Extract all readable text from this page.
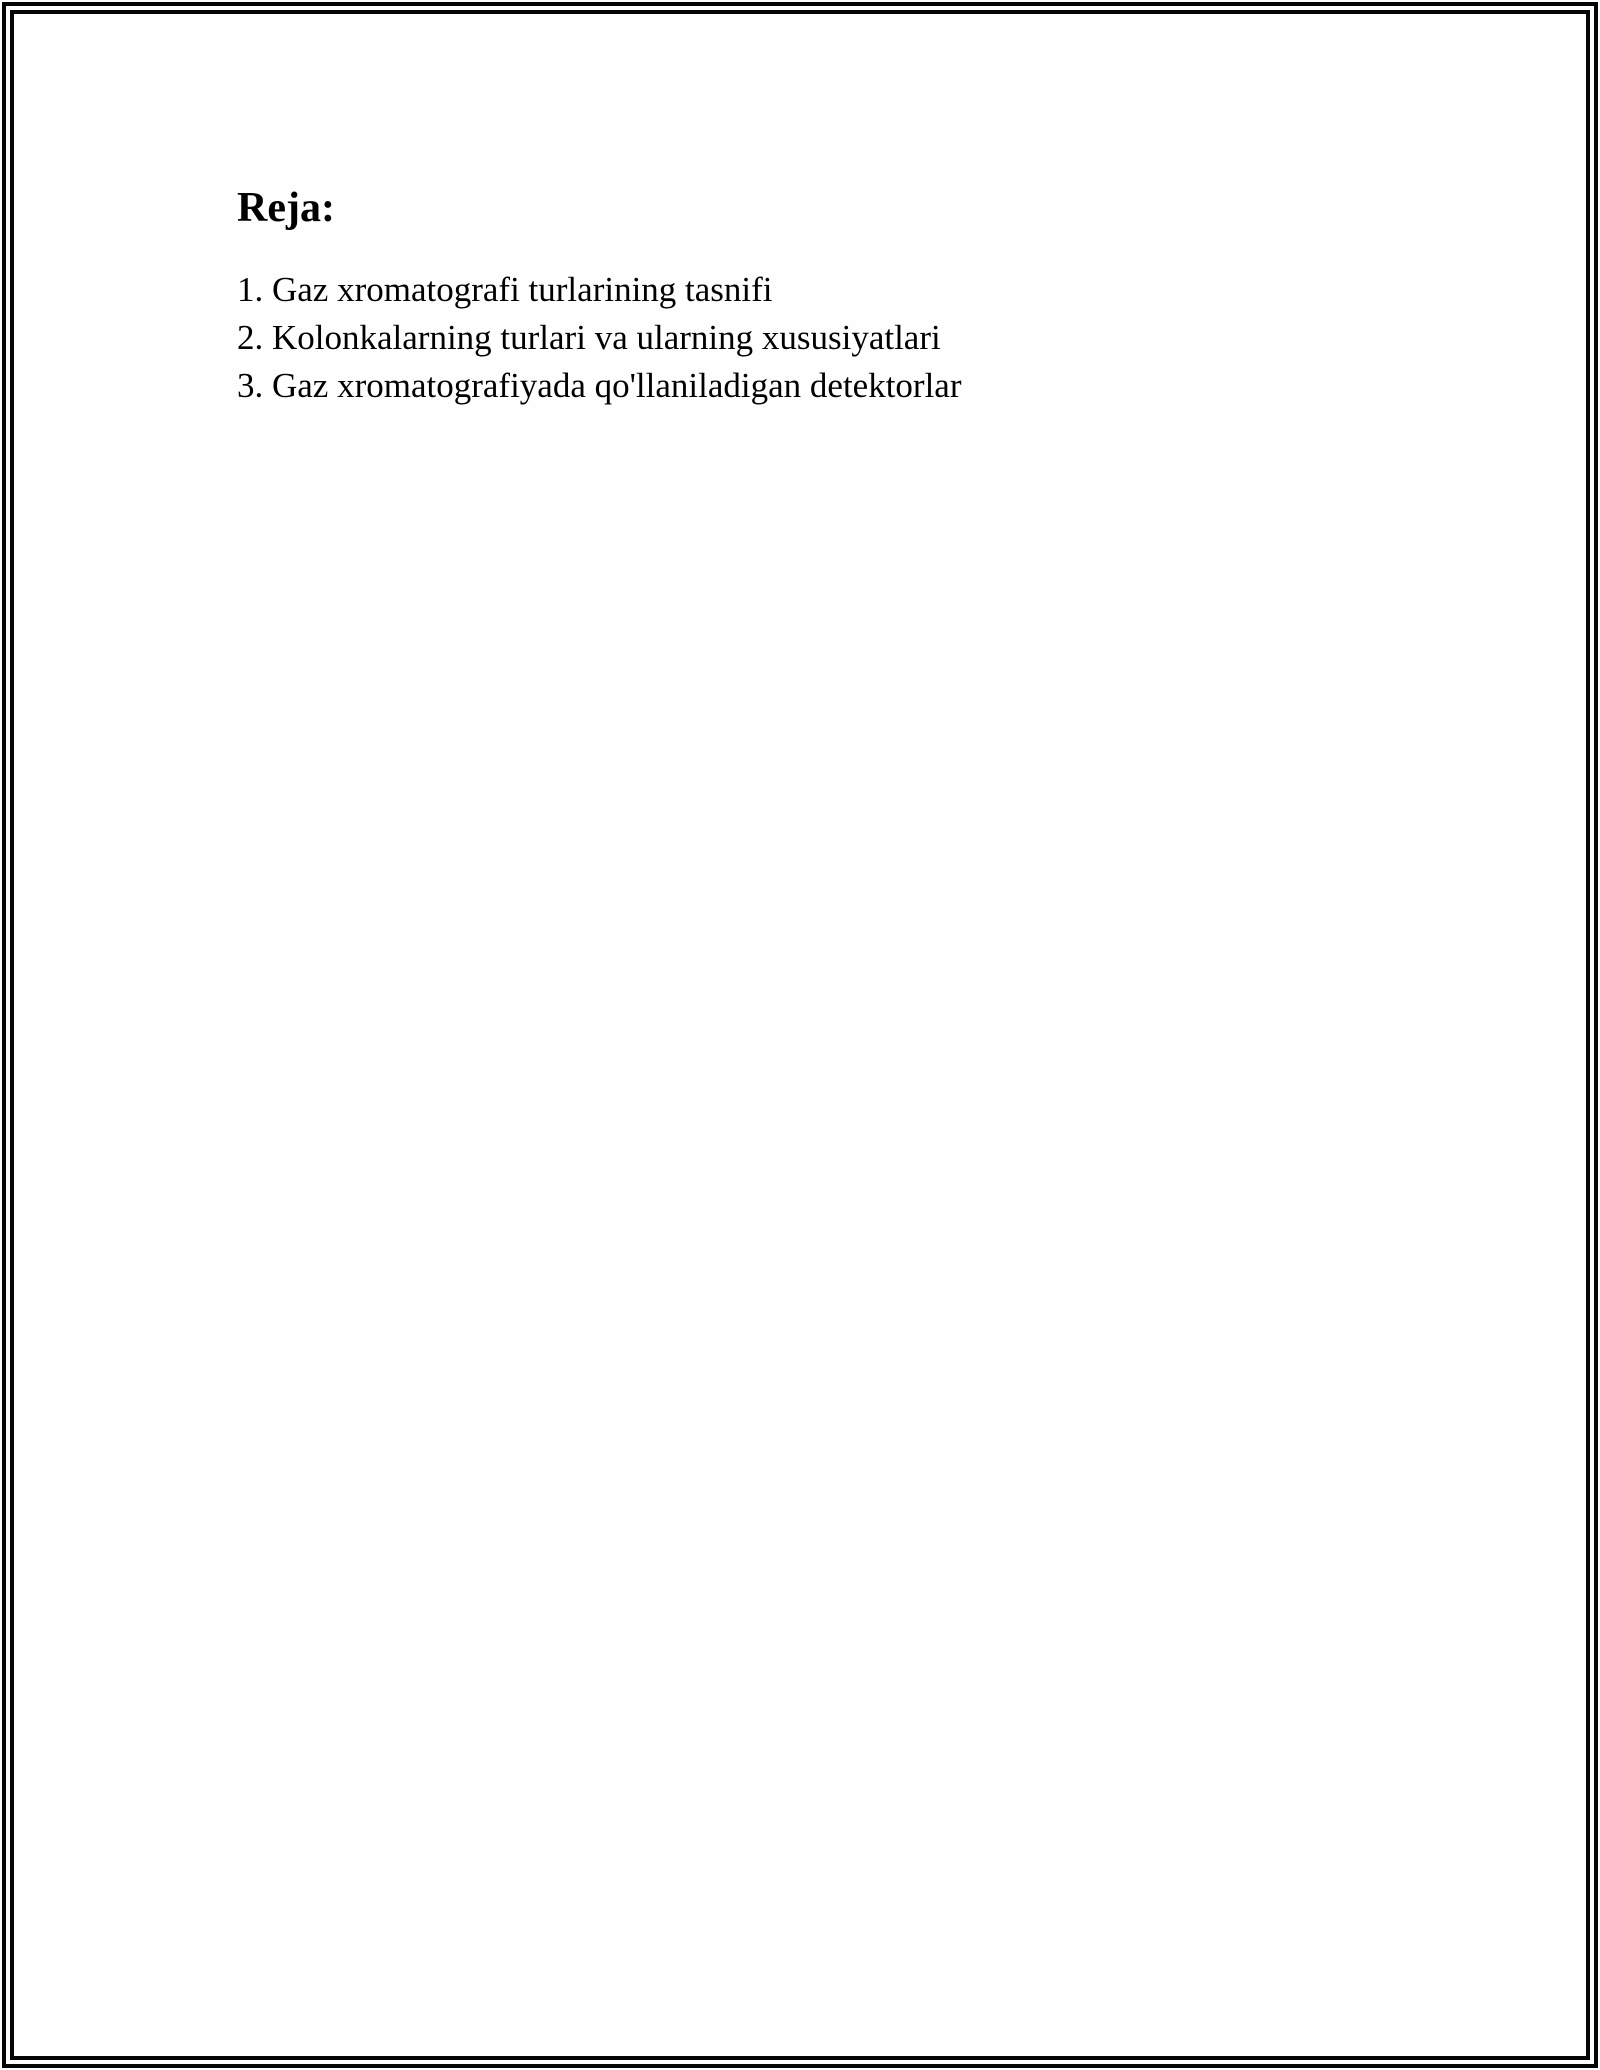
Reja:
1. Gaz xromatografi turlarining tasnifi
2. Kolonkalarning turlari va ularning xususiyatlari
3. Gaz xromatografiyada qo'llaniladigan detektorlar
